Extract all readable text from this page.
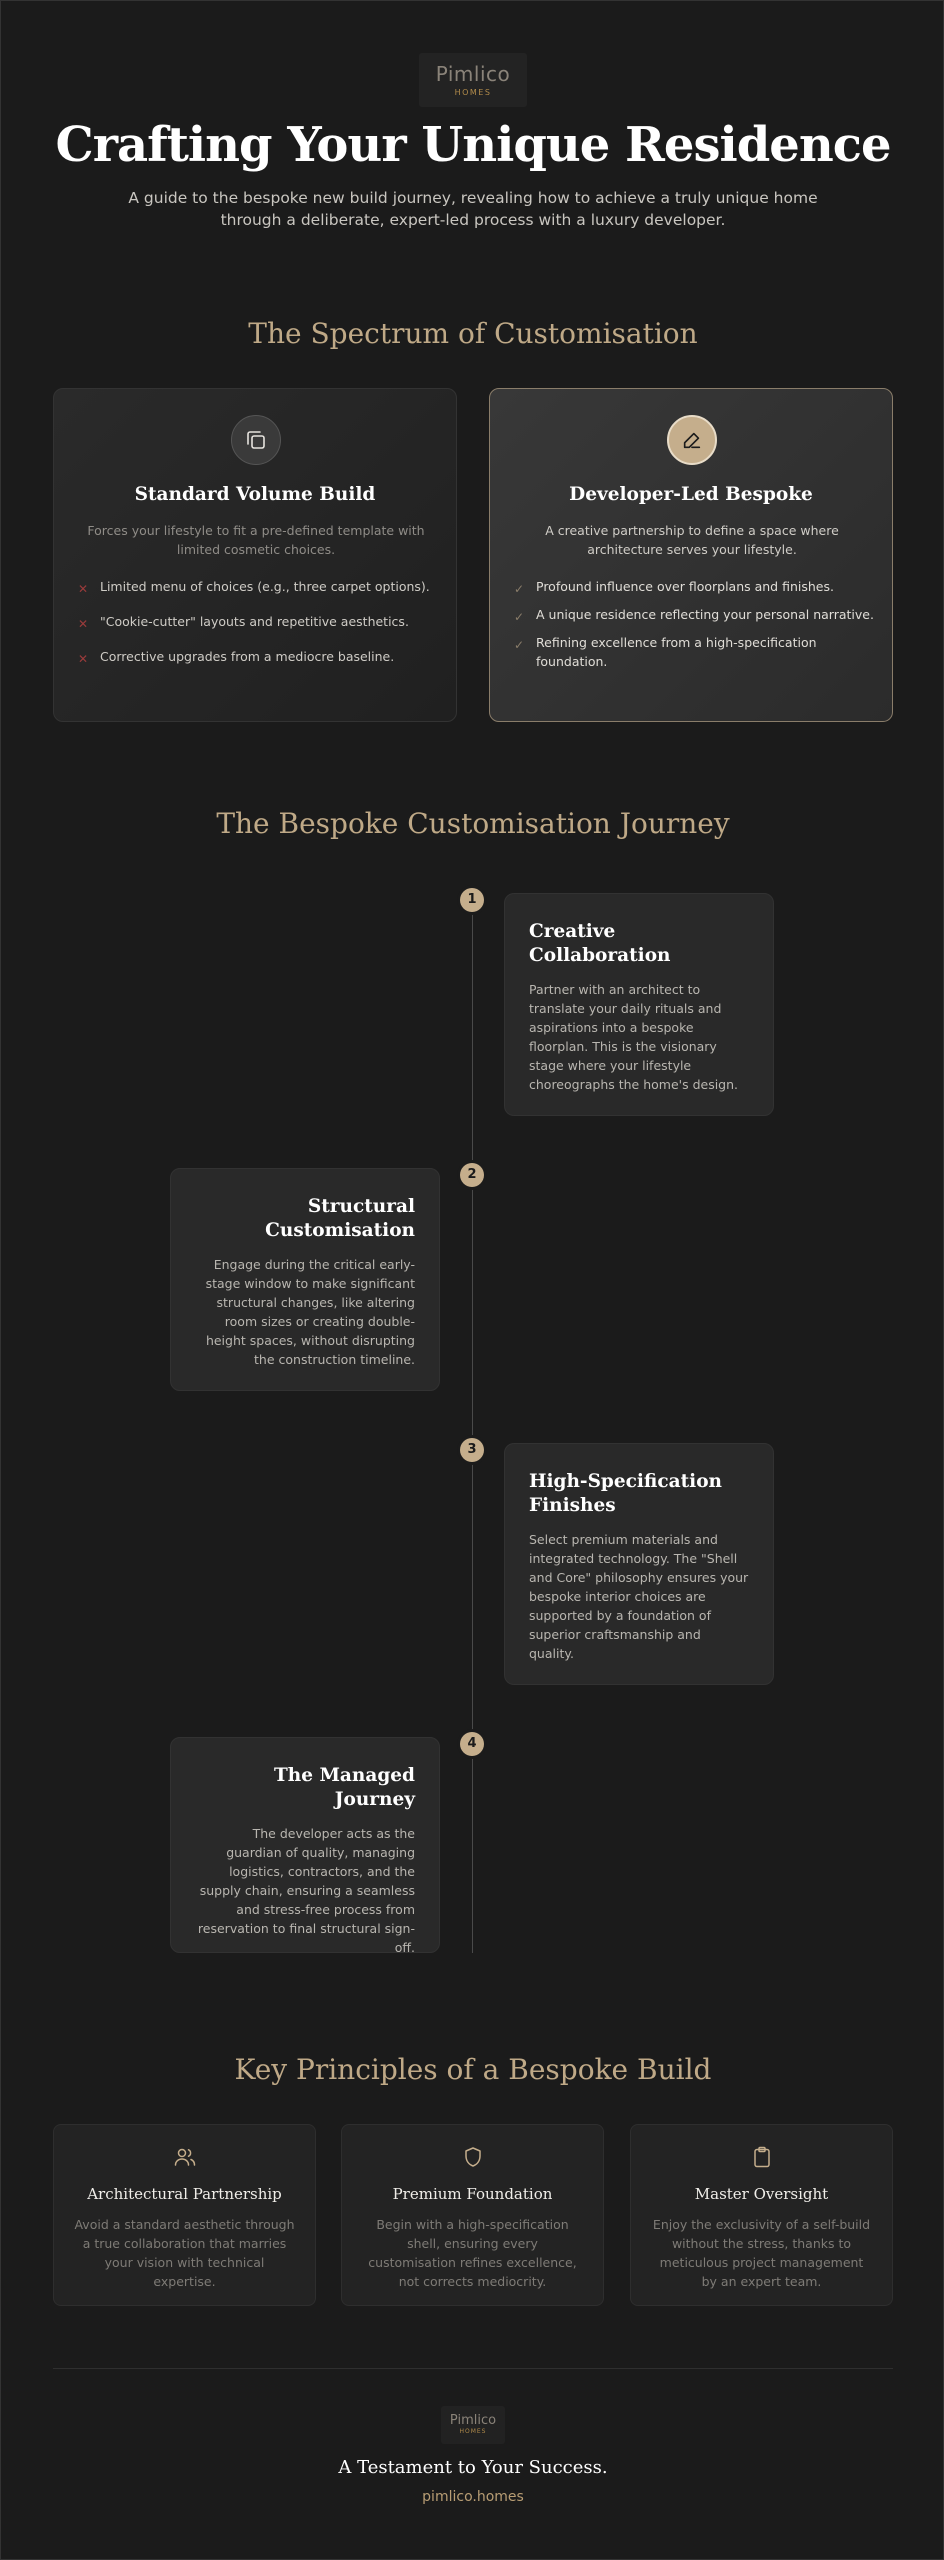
Pimlico
HOMES
Crafting Your Unique Residence

A guide to the bespoke new build journey, revealing how to achieve a truly unique home through a deliberate, expert-led process with a luxury developer.

The Spectrum of Customisation
Standard Volume Build
Forces your lifestyle to fit a pre-defined template with limited cosmetic choices.
✕ Limited menu of choices (e.g., three carpet options).
✕ "Cookie-cutter" layouts and repetitive aesthetics.
✕ Corrective upgrades from a mediocre baseline.
Developer-Led Bespoke
A creative partnership to define a space where architecture serves your lifestyle.
✓ Profound influence over floorplans and finishes.
✓ A unique residence reflecting your personal narrative.
✓ Refining excellence from a high-specification foundation.
The Bespoke Customisation Journey
1
Creative Collaboration

Partner with an architect to translate your daily rituals and aspirations into a bespoke floorplan. This is the visionary stage where your lifestyle choreographs the home's design.

2
Structural Customisation

Engage during the critical early-stage window to make significant structural changes, like altering room sizes or creating double-height spaces, without disrupting the construction timeline.

3
High-Specification Finishes

Select premium materials and integrated technology. The "Shell and Core" philosophy ensures your bespoke interior choices are supported by a foundation of superior craftsmanship and quality.

4
The Managed Journey

The developer acts as the guardian of quality, managing logistics, contractors, and the supply chain, ensuring a seamless and stress-free process from reservation to final structural sign-off.

Key Principles of a Bespoke Build
Architectural Partnership

Avoid a standard aesthetic through a true collaboration that marries your vision with technical expertise.

Premium Foundation

Begin with a high-specification shell, ensuring every customisation refines excellence, not corrects mediocrity.

Master Oversight

Enjoy the exclusivity of a self-build without the stress, thanks to meticulous project management by an expert team.

Pimlico
HOMES
A Testament to Your Success.
pimlico.homes
